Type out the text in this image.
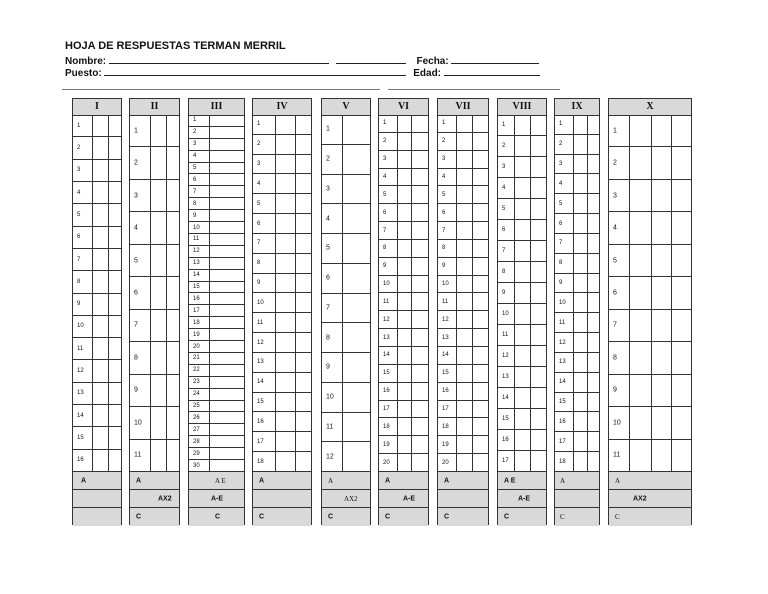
HOJA DE RESPUESTAS TERMAN MERRIL
Nombre:	Fecha:
Puesto:	Edad:
I
1
2
3
4
5
6
7
8
9
10
11
12
13
14
15
16
A
II
1
2
3
4
5
6
7
8
9
10
11
A
AX2
C
III
1
2
3
4
5
6
7
8
9
10
11
12
13
14
15
16
17
18
19
20
21
22
23
24
25
26
27
28
29
30
A E
A-E
C
IV
1
2
3
4
5
6
7
8
9
10
11
12
13
14
15
16
17
18
A
C
V
1
2
3
4
5
6
7
8
9
10
11
12
A
AX2
C
VI
1
2
3
4
5
6
7
8
9
10
11
12
13
14
15
16
17
18
19
20
A
A-E
C
VII
1
2
3
4
5
6
7
8
9
10
11
12
13
14
15
16
17
18
19
20
A
C
VIII
1
2
3
4
5
6
7
8
9
10
11
12
13
14
15
16
17
A E
A-E
C
IX
1
2
3
4
5
6
7
8
9
10
11
12
13
14
15
16
17
18
A
C
X
1
2
3
4
5
6
7
8
9
10
11
A
AX2
C
